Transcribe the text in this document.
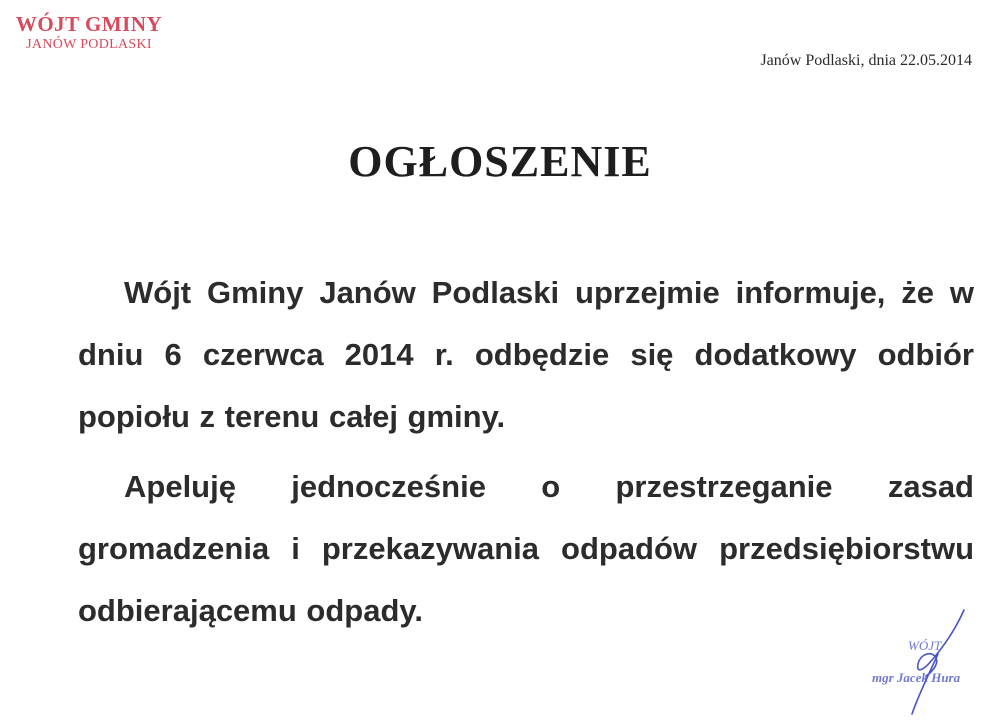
WÓJT GMINY
JANÓW PODLASKI
Janów Podlaski, dnia 22.05.2014
OGŁOSZENIE

Wójt Gminy Janów Podlaski uprzejmie informuje, że w dniu 6 czerwca 2014 r. odbędzie się dodatkowy odbiór popiołu z terenu całej gminy.

Apeluję jednocześnie o przestrzeganie zasad gromadzenia i przekazywania odpadów przedsiębiorstwu odbierającemu odpady.

WÓJT
mgr Jacek Hura
